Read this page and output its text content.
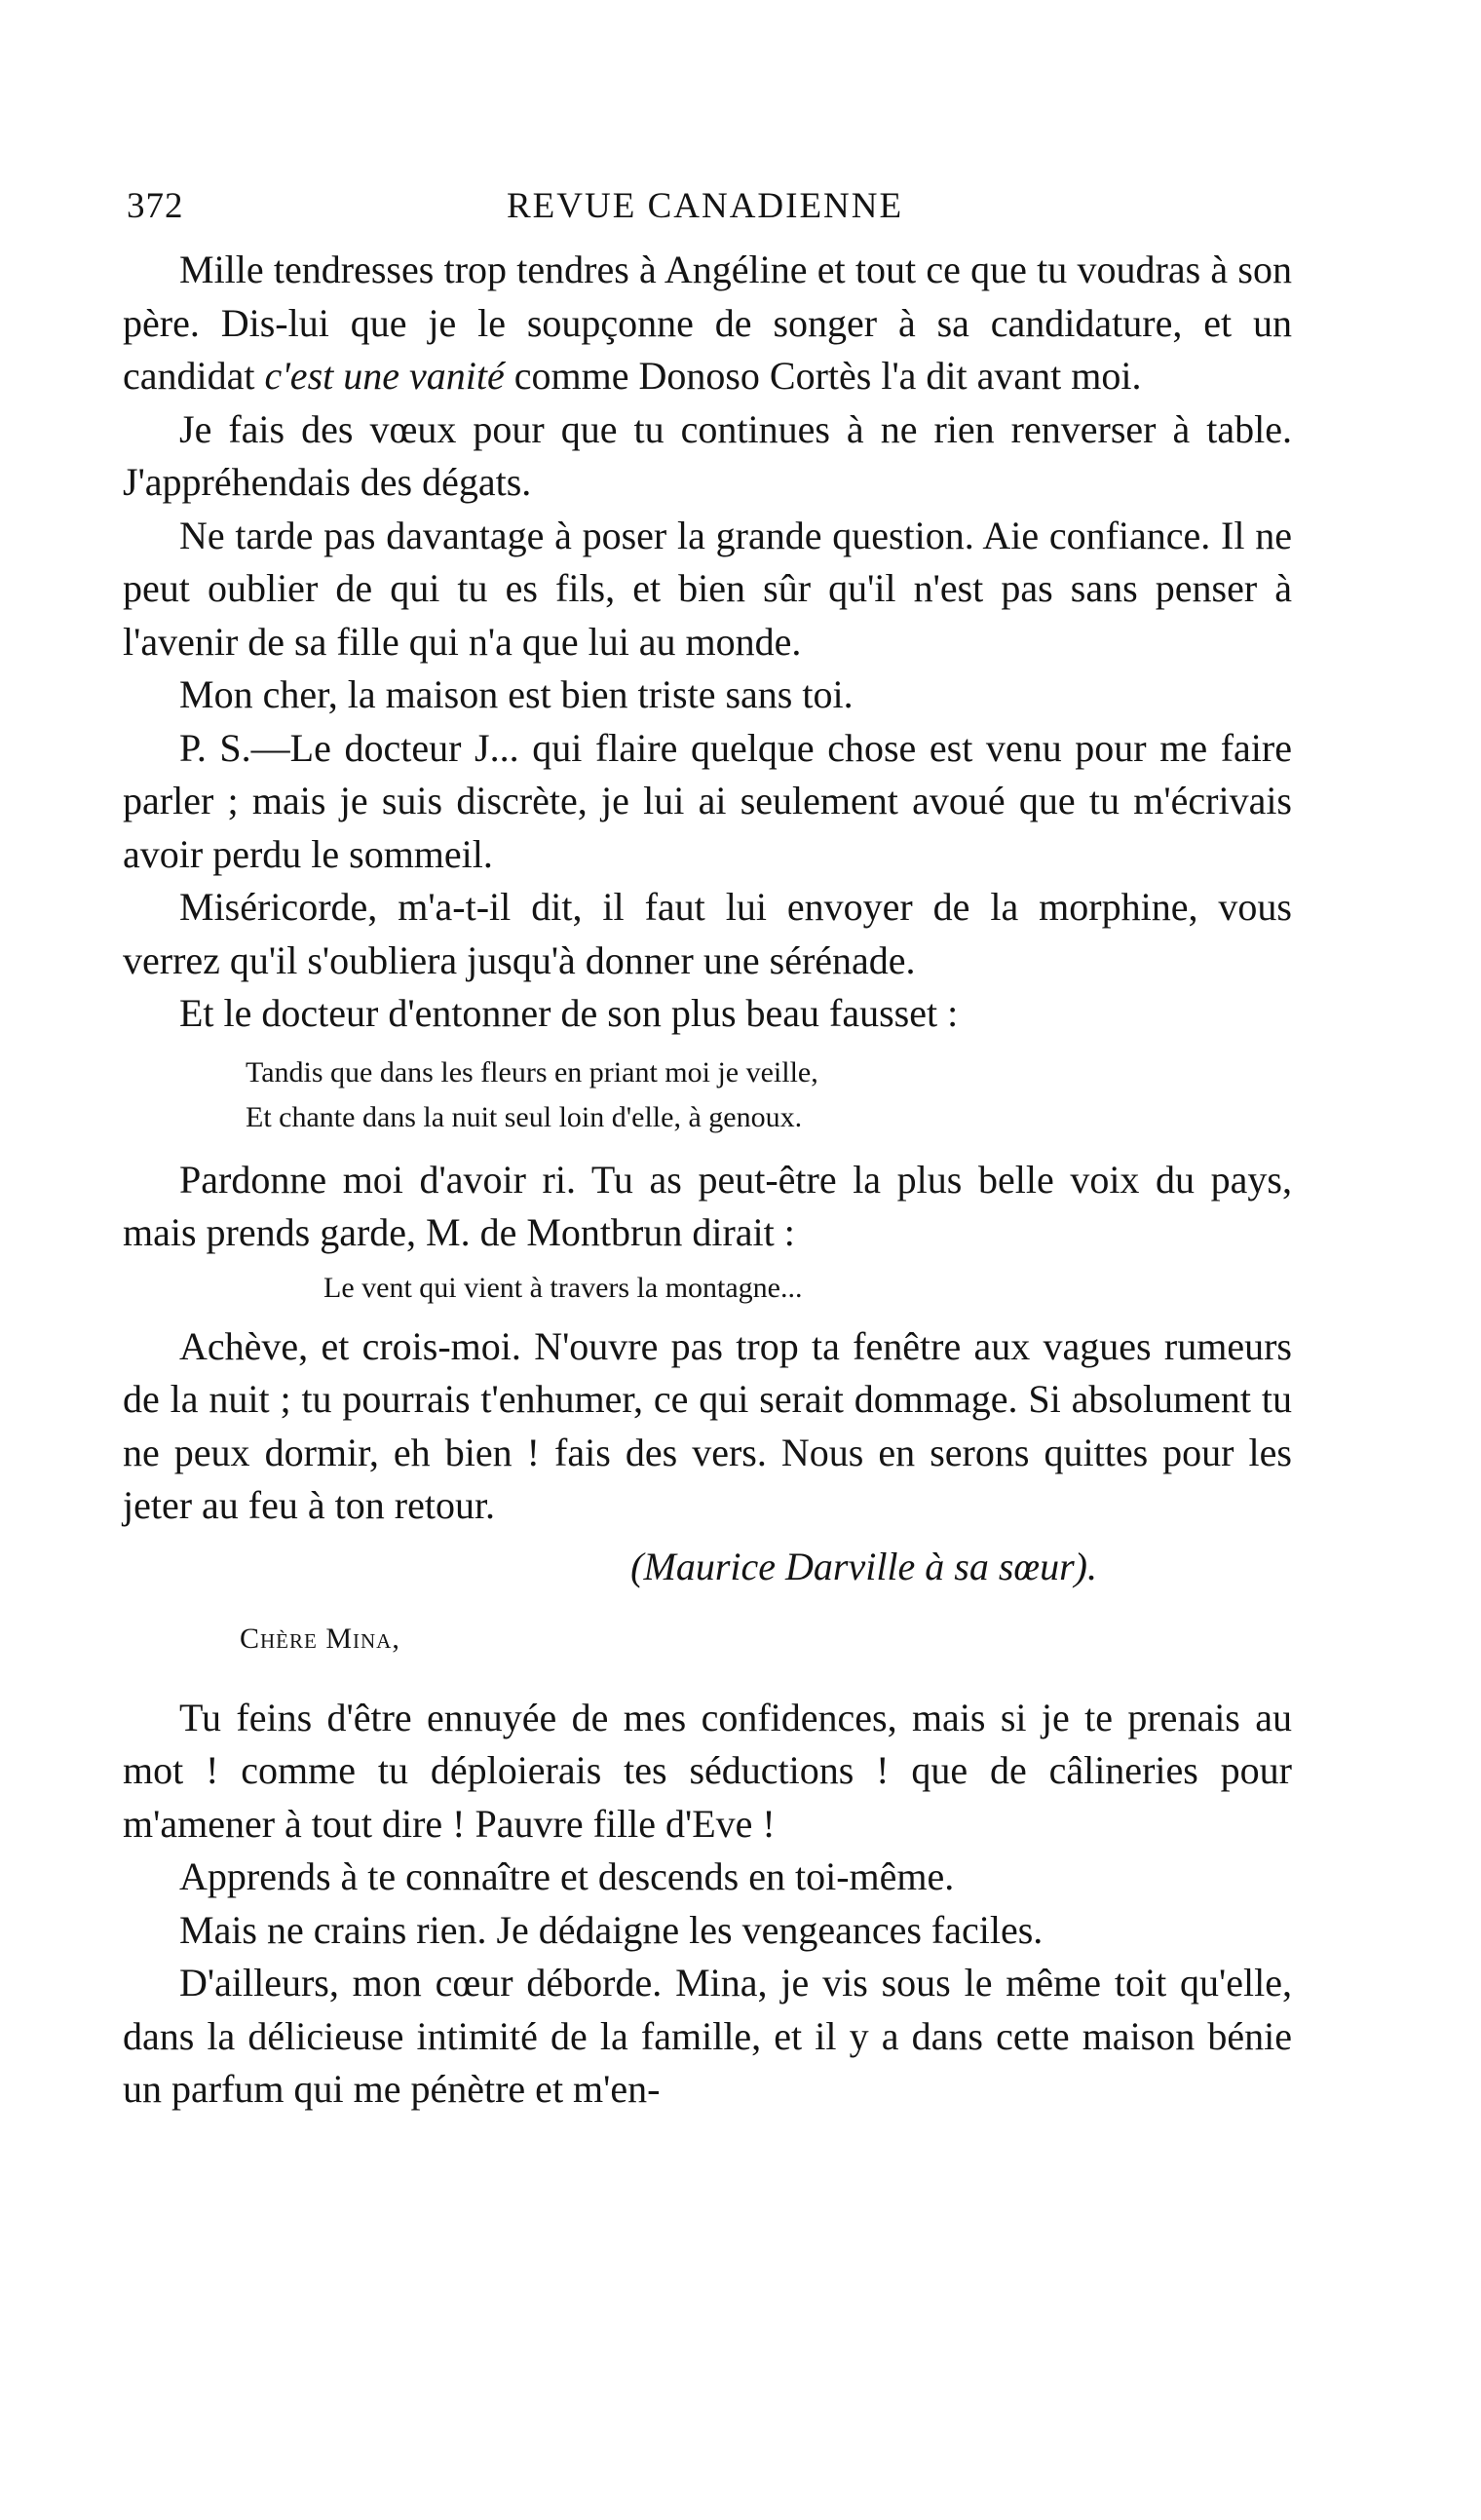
372	REVUE CANADIENNE

Mille tendresses trop tendres à Angéline et tout ce que tu voudras à son père. Dis-lui que je le soupçonne de songer à sa candidature, et un candidat c'est une vanité comme Donoso Cortès l'a dit avant moi.

Je fais des vœux pour que tu continues à ne rien renverser à table. J'appréhendais des dégats.

Ne tarde pas davantage à poser la grande question. Aie confiance. Il ne peut oublier de qui tu es fils, et bien sûr qu'il n'est pas sans penser à l'avenir de sa fille qui n'a que lui au monde.

Mon cher, la maison est bien triste sans toi.

P. S.—Le docteur J... qui flaire quelque chose est venu pour me faire parler ; mais je suis discrète, je lui ai seulement avoué que tu m'écrivais avoir perdu le sommeil.

Miséricorde, m'a-t-il dit, il faut lui envoyer de la morphine, vous verrez qu'il s'oubliera jusqu'à donner une sérénade.

Et le docteur d'entonner de son plus beau fausset :

Tandis que dans les fleurs en priant moi je veille,
Et chante dans la nuit seul loin d'elle, à genoux.

Pardonne moi d'avoir ri. Tu as peut-être la plus belle voix du pays, mais prends garde, M. de Montbrun dirait :

Le vent qui vient à travers la montagne...

Achève, et crois-moi. N'ouvre pas trop ta fenêtre aux vagues rumeurs de la nuit ; tu pourrais t'enhumer, ce qui serait dommage. Si absolument tu ne peux dormir, eh bien ! fais des vers. Nous en serons quittes pour les jeter au feu à ton retour.

(Maurice Darville à sa sœur).
Chère Mina,

Tu feins d'être ennuyée de mes confidences, mais si je te prenais au mot ! comme tu déploierais tes séductions ! que de câlineries pour m'amener à tout dire ! Pauvre fille d'Eve !

Apprends à te connaître et descends en toi-même.

Mais ne crains rien. Je dédaigne les vengeances faciles.

D'ailleurs, mon cœur déborde. Mina, je vis sous le même toit qu'elle, dans la délicieuse intimité de la famille, et il y a dans cette maison bénie un parfum qui me pénètre et m'en-
